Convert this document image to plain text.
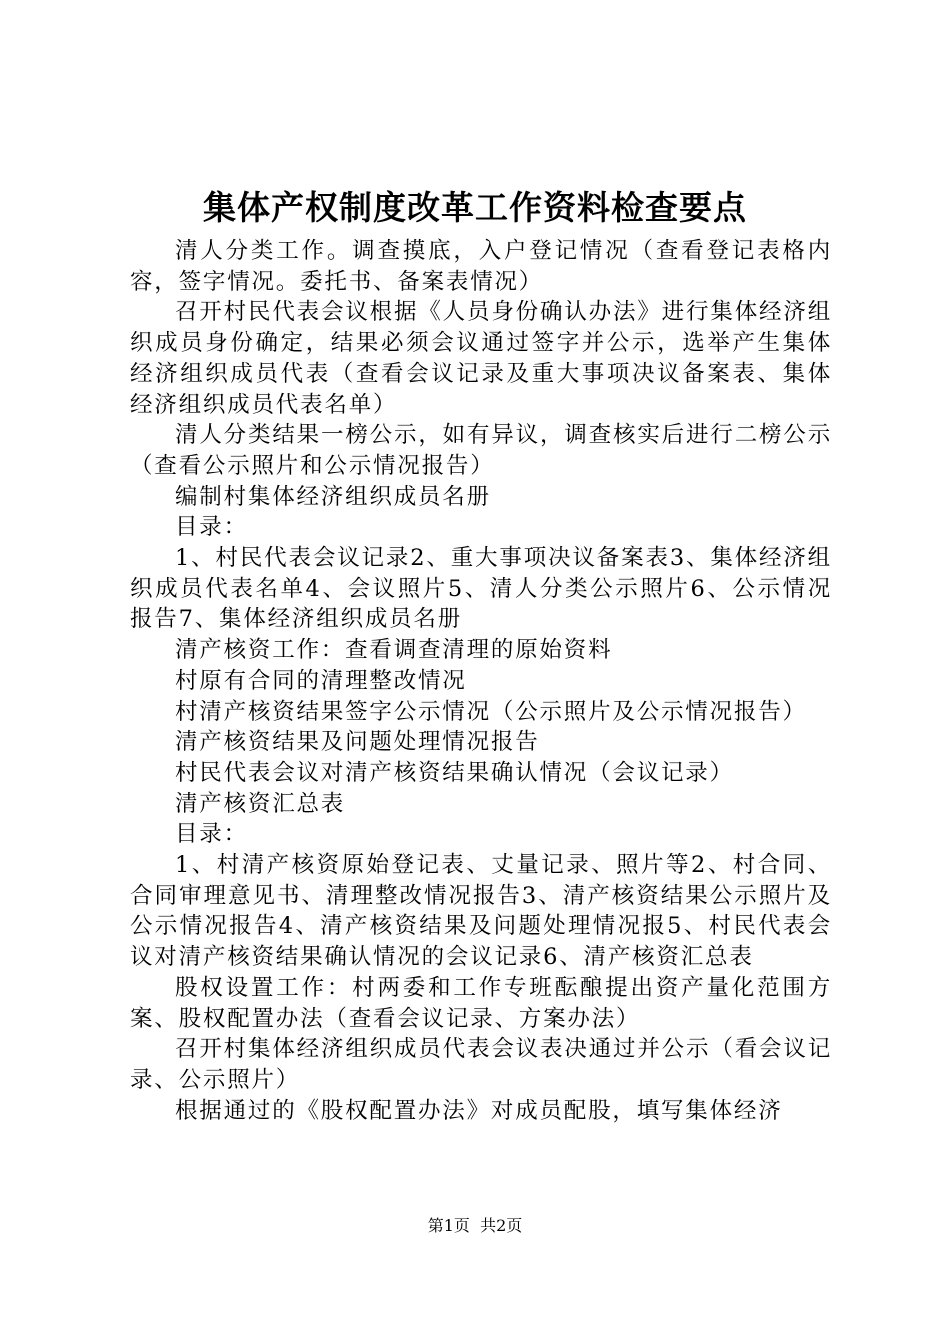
集体产权制度改革工作资料检查要点

清人分类工作。调查摸底，入户登记情况（查看登记表格内容，签字情况。委托书、备案表情况）

召开村民代表会议根据《人员身份确认办法》进行集体经济组织成员身份确定，结果必须会议通过签字并公示，选举产生集体经济组织成员代表（查看会议记录及重大事项决议备案表、集体经济组织成员代表名单）

清人分类结果一榜公示，如有异议，调查核实后进行二榜公示（查看公示照片和公示情况报告）

编制村集体经济组织成员名册

目录：

1、村民代表会议记录2、重大事项决议备案表3、集体经济组织成员代表名单4、会议照片5、清人分类公示照片6、公示情况报告7、集体经济组织成员名册

清产核资工作：查看调查清理的原始资料

村原有合同的清理整改情况

村清产核资结果签字公示情况（公示照片及公示情况报告）

清产核资结果及问题处理情况报告

村民代表会议对清产核资结果确认情况（会议记录）

清产核资汇总表

目录：

1、村清产核资原始登记表、丈量记录、照片等2、村合同、合同审理意见书、清理整改情况报告3、清产核资结果公示照片及公示情况报告4、清产核资结果及问题处理情况报5、村民代表会议对清产核资结果确认情况的会议记录6、清产核资汇总表

股权设置工作：村两委和工作专班酝酿提出资产量化范围方案、股权配置办法（查看会议记录、方案办法）

召开村集体经济组织成员代表会议表决通过并公示（看会议记录、公示照片）

根据通过的《股权配置办法》对成员配股，填写集体经济

第1页 共2页
